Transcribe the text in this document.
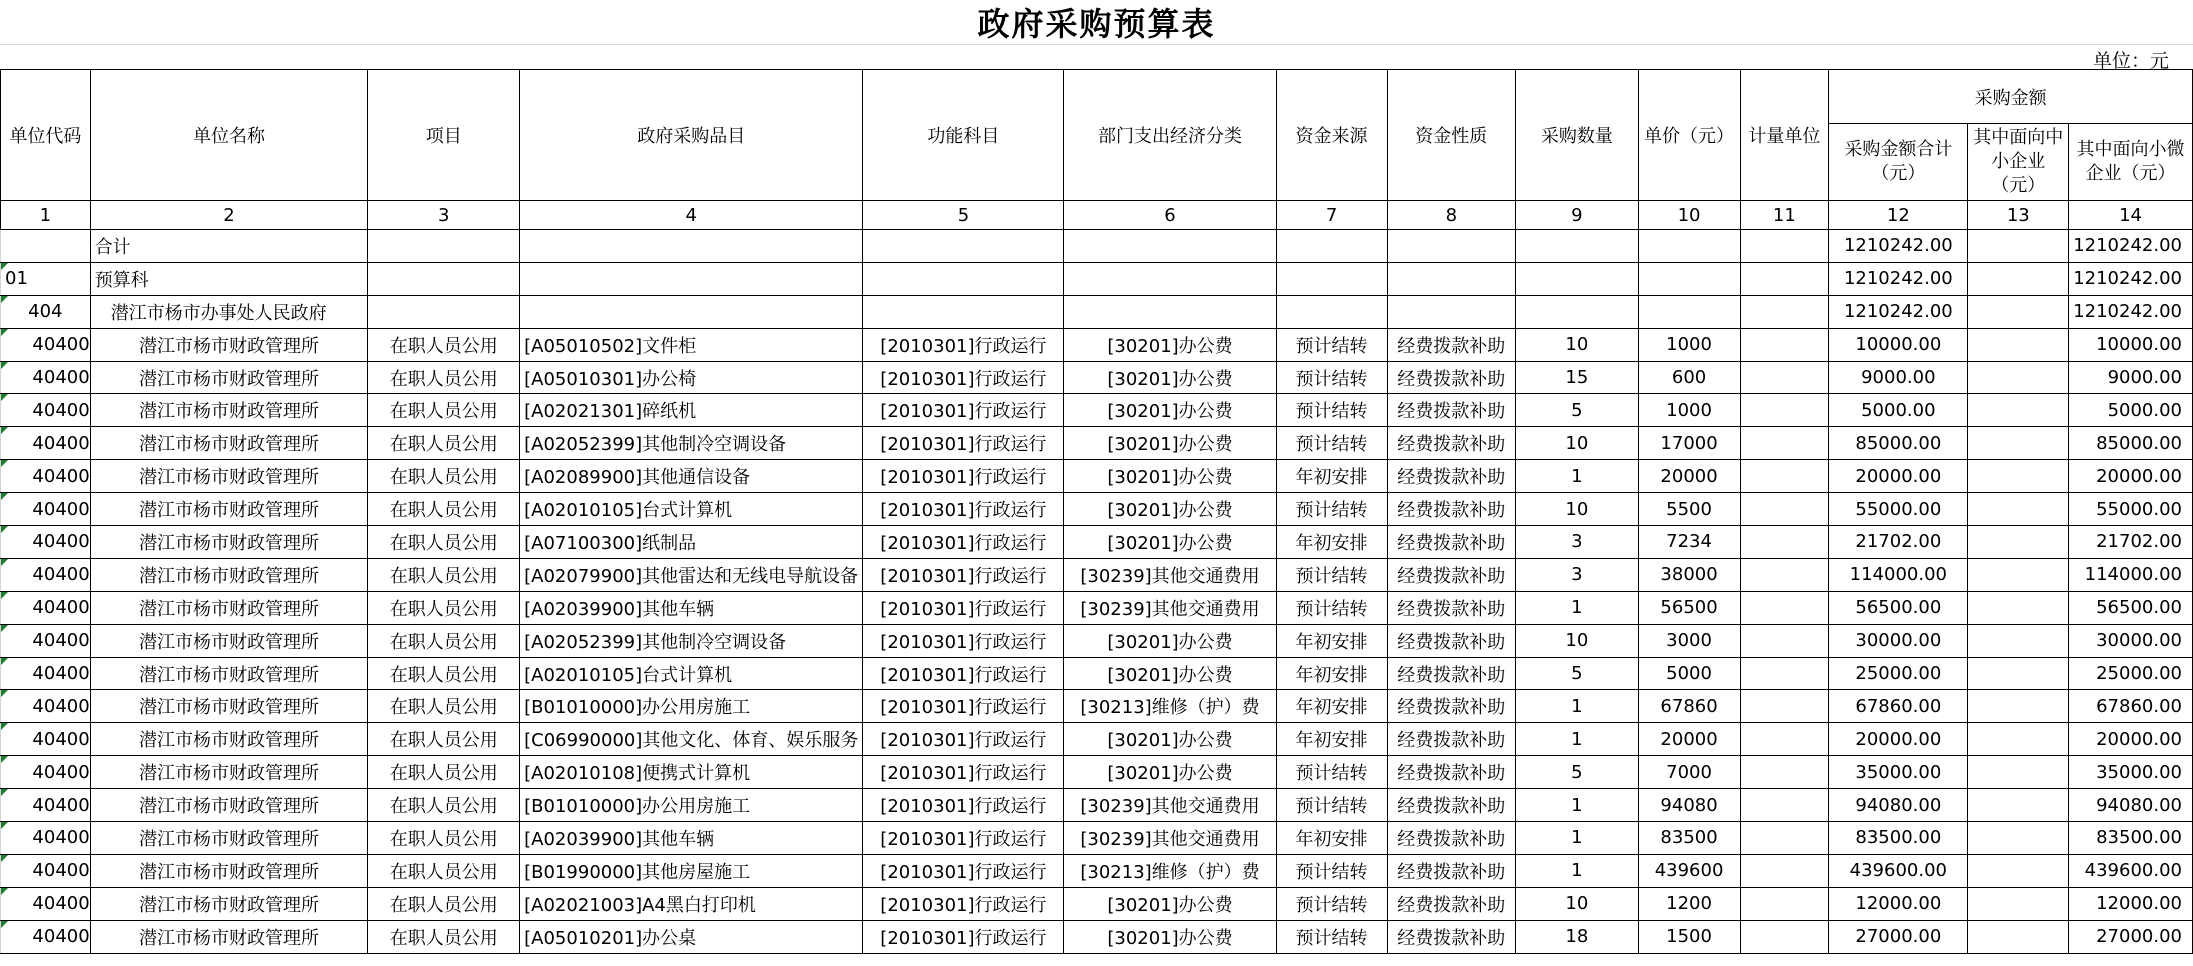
政府采购预算表
单位：元
单位代码	单位名称	项目	政府采购品目	功能科目	部门支出经济分类	资金来源	资金性质	采购数量	单价（元）	计量单位	采购金额		
											采购金额合计（元）	其中面向中小企业（元）	其中面向小微企业（元）
1	2	3	4	5	6	7	8	9	10	11	12	13	14
	合计										1210242.00		1210242.00

01	预算科										1210242.00		1210242.00

404	潜江市杨市办事处人民政府										1210242.00		1210242.00

40400	潜江市杨市财政管理所	在职人员公用	[A05010502]文件柜	[2010301]行政运行	[30201]办公费	预计结转	经费拨款补助	10	1000		10000.00		10000.00

40400	潜江市杨市财政管理所	在职人员公用	[A05010301]办公椅	[2010301]行政运行	[30201]办公费	预计结转	经费拨款补助	15	600		9000.00		9000.00

40400	潜江市杨市财政管理所	在职人员公用	[A02021301]碎纸机	[2010301]行政运行	[30201]办公费	预计结转	经费拨款补助	5	1000		5000.00		5000.00

40400	潜江市杨市财政管理所	在职人员公用	[A02052399]其他制冷空调设备	[2010301]行政运行	[30201]办公费	预计结转	经费拨款补助	10	17000		85000.00		85000.00

40400	潜江市杨市财政管理所	在职人员公用	[A02089900]其他通信设备	[2010301]行政运行	[30201]办公费	年初安排	经费拨款补助	1	20000		20000.00		20000.00

40400	潜江市杨市财政管理所	在职人员公用	[A02010105]台式计算机	[2010301]行政运行	[30201]办公费	预计结转	经费拨款补助	10	5500		55000.00		55000.00

40400	潜江市杨市财政管理所	在职人员公用	[A07100300]纸制品	[2010301]行政运行	[30201]办公费	年初安排	经费拨款补助	3	7234		21702.00		21702.00

40400	潜江市杨市财政管理所	在职人员公用	[A02079900]其他雷达和无线电导航设备	[2010301]行政运行	[30239]其他交通费用	预计结转	经费拨款补助	3	38000		114000.00		114000.00

40400	潜江市杨市财政管理所	在职人员公用	[A02039900]其他车辆	[2010301]行政运行	[30239]其他交通费用	预计结转	经费拨款补助	1	56500		56500.00		56500.00

40400	潜江市杨市财政管理所	在职人员公用	[A02052399]其他制冷空调设备	[2010301]行政运行	[30201]办公费	年初安排	经费拨款补助	10	3000		30000.00		30000.00

40400	潜江市杨市财政管理所	在职人员公用	[A02010105]台式计算机	[2010301]行政运行	[30201]办公费	年初安排	经费拨款补助	5	5000		25000.00		25000.00

40400	潜江市杨市财政管理所	在职人员公用	[B01010000]办公用房施工	[2010301]行政运行	[30213]维修（护）费	年初安排	经费拨款补助	1	67860		67860.00		67860.00

40400	潜江市杨市财政管理所	在职人员公用	[C06990000]其他文化、体育、娱乐服务	[2010301]行政运行	[30201]办公费	年初安排	经费拨款补助	1	20000		20000.00		20000.00

40400	潜江市杨市财政管理所	在职人员公用	[A02010108]便携式计算机	[2010301]行政运行	[30201]办公费	预计结转	经费拨款补助	5	7000		35000.00		35000.00

40400	潜江市杨市财政管理所	在职人员公用	[B01010000]办公用房施工	[2010301]行政运行	[30239]其他交通费用	预计结转	经费拨款补助	1	94080		94080.00		94080.00

40400	潜江市杨市财政管理所	在职人员公用	[A02039900]其他车辆	[2010301]行政运行	[30239]其他交通费用	年初安排	经费拨款补助	1	83500		83500.00		83500.00

40400	潜江市杨市财政管理所	在职人员公用	[B01990000]其他房屋施工	[2010301]行政运行	[30213]维修（护）费	预计结转	经费拨款补助	1	439600		439600.00		439600.00

40400	潜江市杨市财政管理所	在职人员公用	[A02021003]A4黑白打印机	[2010301]行政运行	[30201]办公费	预计结转	经费拨款补助	10	1200		12000.00		12000.00

40400	潜江市杨市财政管理所	在职人员公用	[A05010201]办公桌	[2010301]行政运行	[30201]办公费	预计结转	经费拨款补助	18	1500		27000.00		27000.00
